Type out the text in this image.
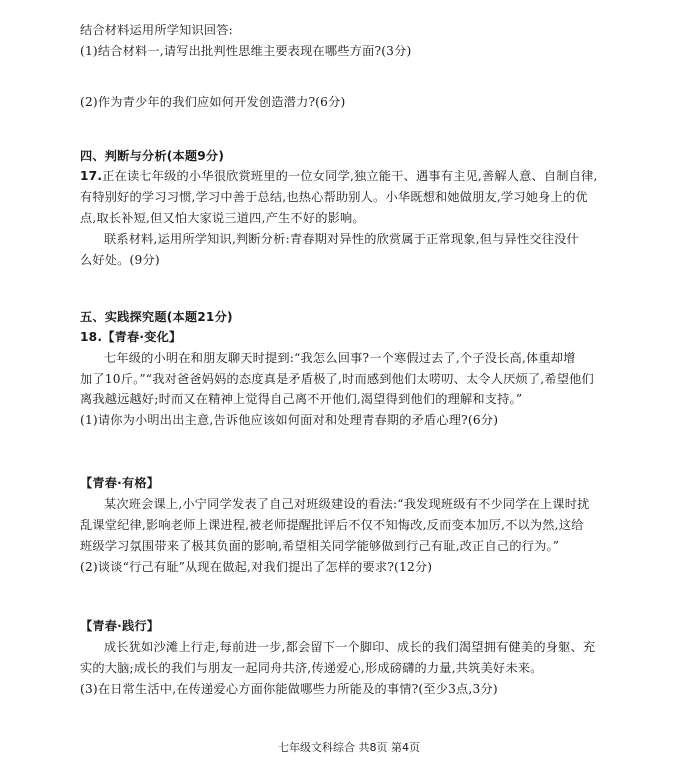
结合材料运用所学知识回答:
(1)结合材料一,请写出批判性思维主要表现在哪些方面?(3分)
(2)作为青少年的我们应如何开发创造潜力?(6分)
四、判断与分析(本题9分)
17.正在读七年级的小华很欣赏班里的一位女同学,独立能干、遇事有主见,善解人意、自制自律,
有特别好的学习习惯,学习中善于总结,也热心帮助别人。小华既想和她做朋友,学习她身上的优
点,取长补短,但又怕大家说三道四,产生不好的影响。
联系材料,运用所学知识,判断分析:青春期对异性的欣赏属于正常现象,但与异性交往没什
么好处。(9分)
五、实践探究题(本题21分)
18.【青春·变化】
七年级的小明在和朋友聊天时提到:“我怎么回事?一个寒假过去了,个子没长高,体重却增
加了10斤。”“我对爸爸妈妈的态度真是矛盾极了,时而感到他们太唠叨、太令人厌烦了,希望他们
离我越远越好;时而又在精神上觉得自己离不开他们,渴望得到他们的理解和支持。”
(1)请你为小明出出主意,告诉他应该如何面对和处理青春期的矛盾心理?(6分)
【青春·有格】
某次班会课上,小宁同学发表了自己对班级建设的看法:“我发现班级有不少同学在上课时扰
乱课堂纪律,影响老师上课进程,被老师提醒批评后不仅不知悔改,反而变本加厉,不以为然,这给
班级学习氛围带来了极其负面的影响,希望相关同学能够做到行己有耻,改正自己的行为。”
(2)谈谈“行己有耻”从现在做起,对我们提出了怎样的要求?(12分)
【青春·践行】
成长犹如沙滩上行走,每前进一步,都会留下一个脚印、成长的我们渴望拥有健美的身躯、充
实的大脑;成长的我们与朋友一起同舟共济,传递爱心,形成磅礴的力量,共筑美好未来。
(3)在日常生活中,在传递爱心方面你能做哪些力所能及的事情?(至少3点,3分)
七年级文科综合 共8页 第4页
